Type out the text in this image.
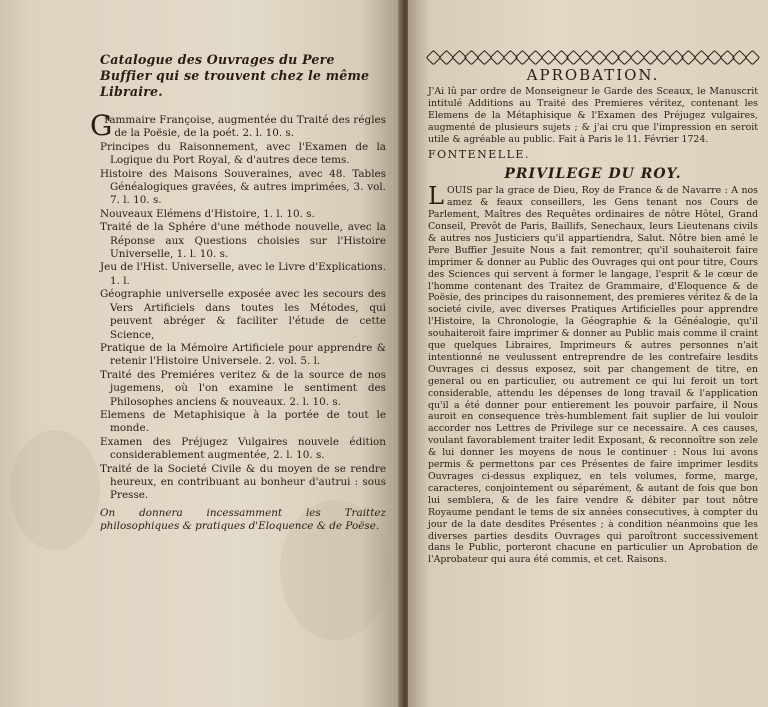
Catalogue des Ouvrages du Pere Buffier qui se trouvent chez le même Libraire.

Grammaire Françoise, augmentée du Traité des régles de la Poësie, de la poét. 2. l. 10. s.

Principes du Raisonnement, avec l'Examen de la Logique du Port Royal, & d'autres dece tems.

Histoire des Maisons Souveraines, avec 48. Tables Généalogiques gravées, & autres imprimées, 3. vol. 7. l. 10. s.

Nouveaux Elémens d'Histoire, 1. l. 10. s.

Traité de la Sphére d'une méthode nouvelle, avec la Réponse aux Questions choisies sur l'Histoire Universelle, 1. l. 10. s.

Jeu de l'Hist. Universelle, avec le Livre d'Explications. 1. l.

Géographie universelle exposée avec les secours des Vers Artificiels dans toutes les Métodes, qui peuvent abréger & faciliter l'étude de cette Science,

Pratique de la Mémoire Artificiele pour apprendre & retenir l'Histoire Universele. 2. vol. 5. l.

Traité des Premiéres veritez & de la source de nos jugemens, où l'on examine le sentiment des Philosophes anciens & nouveaux. 2. l. 10. s.

Elemens de Metaphisique à la portée de tout le monde.

Examen des Préjugez Vulgaires nouvele édition considerablement augmentée, 2. l. 10. s.

Traité de la Societé Civile & du moyen de se rendre heureux, en contribuant au bonheur d'autrui : sous Presse.

On donnera incessamment les Traittez philosophiques & pratiques d'Eloquence & de Poëse.

APROBATION.

J'Ai lû par ordre de Monseigneur le Garde des Sceaux, le Manuscrit intitulé Additions au Traité des Premieres véritez, contenant les Elemens de la Métaphisique & l'Examen des Préjugez vulgaires, augmenté de plusieurs sujets ; & j'ai cru que l'impression en seroit utile & agréable au public. Fait à Paris le 11. Février 1724.

FONTENELLE.
PRIVILEGE DU ROY.

LOUIS par la grace de Dieu, Roy de France & de Navarre : A nos amez & feaux conseillers, les Gens tenant nos Cours de Parlement, Maîtres des Requêtes ordinaires de nôtre Hôtel, Grand Conseil, Prevôt de Paris, Baillifs, Senechaux, leurs Lieutenans civils & autres nos Justiciers qu'il appartiendra, Salut. Nôtre bien amé le Pere Buffier Jesuite Nous a fait remontrer, qu'il souhaiteroit faire imprimer & donner au Public des Ouvrages qui ont pour titre, Cours des Sciences qui servent à former le langage, l'esprit & le cœur de l'homme contenant des Traitez de Grammaire, d'Eloquence & de Poësie, des principes du raisonnement, des premieres véritez & de la societé civile, avec diverses Pratiques Artificielles pour apprendre l'Histoire, la Chronologie, la Géographie & la Généalogie, qu'il souhaiteroit faire imprimer & donner au Public mais comme il craint que quelques Libraires, Imprimeurs & autres personnes n'ait intentionné ne veulussent entreprendre de les contrefaire lesdits Ouvrages ci dessus exposez, soit par changement de titre, en general ou en particulier, ou autrement ce qui lui feroit un tort considerable, attendu les dépenses de long travail & l'application qu'il a été donner pour entierement les pouvoir parfaire, il Nous auroit en consequence très-humblement fait suplier de lui vouloir accorder nos Lettres de Privilege sur ce necessaire. A ces causes, voulant favorablement traiter ledit Exposant, & reconnoître son zele & lui donner les moyens de nous le continuer : Nous lui avons permis & permettons par ces Présentes de faire imprimer lesdits Ouvrages ci-dessus expliquez, en tels volumes, forme, marge, caracteres, conjointement ou séparément, & autant de fois que bon lui semblera, & de les faire vendre & débiter par tout nôtre Royaume pendant le tems de six années consecutives, à compter du jour de la date desdites Présentes ; à condition néanmoins que les diverses parties desdits Ouvrages qui paroîtront successivement dans le Public, porteront chacune en particulier un Aprobation de l'Aprobateur qui aura été commis, et cet. Raisons.
